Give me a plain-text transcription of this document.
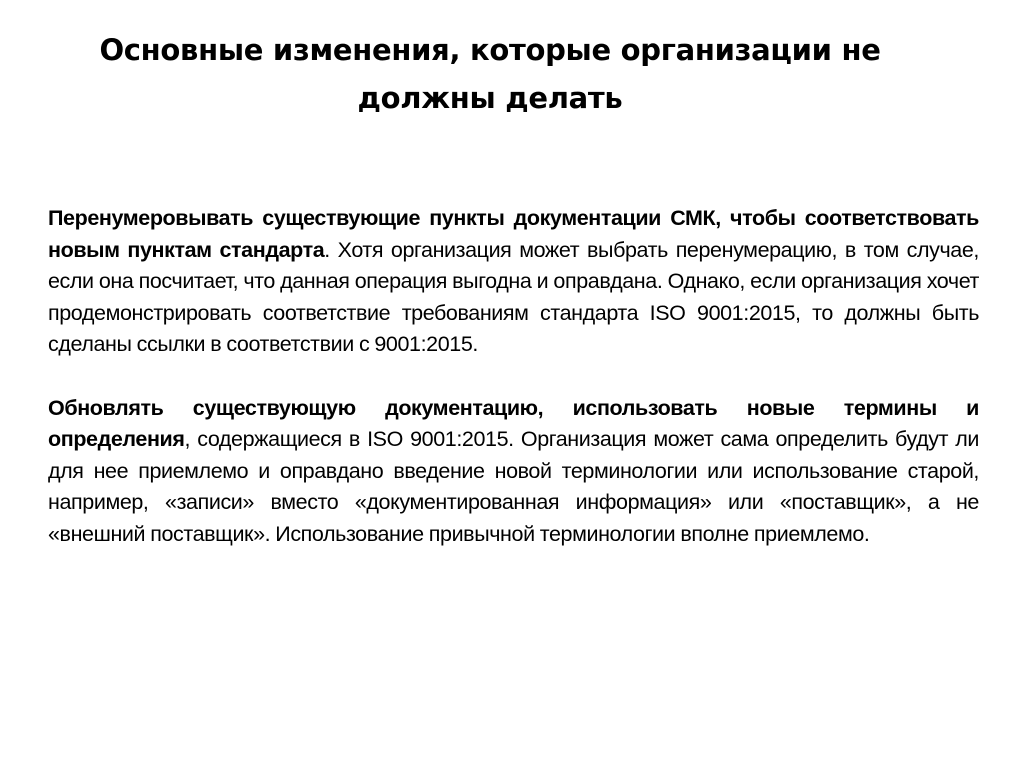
Основные изменения, которые организации не должны делать

Перенумеровывать существующие пункты документации СМК, чтобы соответствовать новым пунктам стандарта. Хотя организация может выбрать перенумерацию, в том случае, если она посчитает, что данная операция выгодна и оправдана. Однако, если организация хочет продемонстрировать соответствие требованиям стандарта ISO 9001:2015, то должны быть сделаны ссылки в соответствии с 9001:2015.

Обновлять существующую документацию, использовать новые термины и определения, содержащиеся в ISO 9001:2015. Организация может сама определить будут ли для нее приемлемо и оправдано введение новой терминологии или использование старой, например, «записи» вместо «документированная информация» или «поставщик», а не «внешний поставщик». Использование привычной терминологии вполне приемлемо.
